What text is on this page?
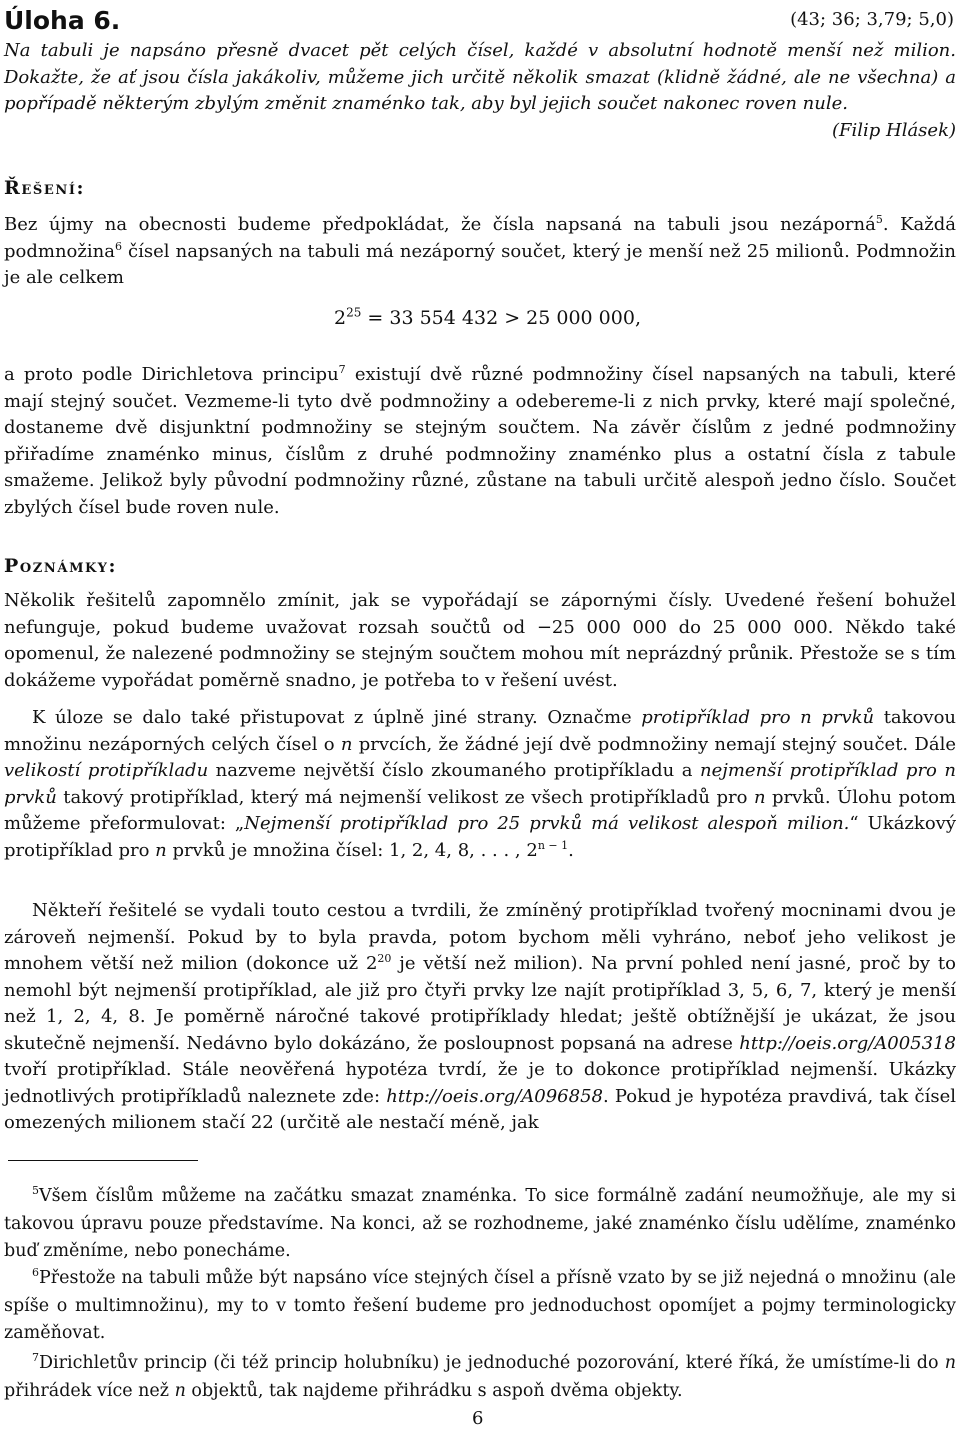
Úloha 6.	(43; 36; 3,79; 5,0)

Na tabuli je napsáno přesně dvacet pět celých čísel, každé v absolutní hodnotě menší než milion. Dokažte, že ať jsou čísla jakákoliv, můžeme jich určitě několik smazat (klidně žádné, ale ne všechna) a popřípadě některým zbylým změnit znaménko tak, aby byl jejich součet nakonec roven nule.
(Filip Hlásek)

Řešení:

Bez újmy na obecnosti budeme předpokládat, že čísla napsaná na tabuli jsou nezáporná$^5$. Každá podmnožina$^6$ čísel napsaných na tabuli má nezáporný součet, který je menší než 25 milionů. Podmnožin je ale celkem

$2^{25} = 33$ 554 432 > 25 000 000,

a proto podle Dirichletova principu$^7$ existují dvě různé podmnožiny čísel napsaných na tabuli, které mají stejný součet. Vezmeme-li tyto dvě podmnožiny a odebereme-li z nich prvky, které mají společné, dostaneme dvě disjunktní podmnožiny se stejným součtem. Na závěr číslům z jedné podmnožiny přiřadíme znaménko minus, číslům z druhé podmnožiny znaménko plus a ostatní čísla z tabule smažeme. Jelikož byly původní podmnožiny různé, zůstane na tabuli určitě alespoň jedno číslo. Součet zbylých čísel bude roven nule.

Poznámky:

Několik řešitelů zapomnělo zmínit, jak se vypořádají se zápornými čísly. Uvedené řešení bohužel nefunguje, pokud budeme uvažovat rozsah součtů od −25 000 000 do 25 000 000. Někdo také opomenul, že nalezené podmnožiny se stejným součtem mohou mít neprázdný průnik. Přestože se s tím dokážeme vypořádat poměrně snadno, je potřeba to v řešení uvést.

K úloze se dalo také přistupovat z úplně jiné strany. Označme protipříklad pro n prvků takovou množinu nezáporných celých čísel o n prvcích, že žádné její dvě podmnožiny nemají stejný součet. Dále velikostí protipříkladu nazveme největší číslo zkoumaného protipříkladu a nejmenší protipříklad pro n prvků takový protipříklad, který má nejmenší velikost ze všech protipříkladů pro n prvků. Úlohu potom můžeme přeformulovat: „Nejmenší protipříklad pro 25 prvků má velikost alespoň milion.“ Ukázkový protipříklad pro n prvků je množina čísel: 1, 2, 4, 8, . . . , $2^{n - 1}$.

Někteří řešitelé se vydali touto cestou a tvrdili, že zmíněný protipříklad tvořený mocninami dvou je zároveň nejmenší. Pokud by to byla pravda, potom bychom měli vyhráno, neboť jeho velikost je mnohem větší než milion (dokonce už $2^{20}$ je větší než milion). Na první pohled není jasné, proč by to nemohl být nejmenší protipříklad, ale již pro čtyři prvky lze najít protipříklad 3, 5, 6, 7, který je menší než 1, 2, 4, 8. Je poměrně náročné takové protipříklady hledat; ještě obtížnější je ukázat, že jsou skutečně nejmenší. Nedávno bylo dokázáno, že posloupnost popsaná na adrese http://oeis.org/A005318 tvoří protipříklad. Stále neověřená hypotéza tvrdí, že je to dokonce protipříklad nejmenší. Ukázky jednotlivých protipříkladů naleznete zde: http://oeis.org/A096858. Pokud je hypotéza pravdivá, tak čísel omezených milionem stačí 22 (určitě ale nestačí méně, jak

$^5$Všem číslům můžeme na začátku smazat znaménka. To sice formálně zadání neumožňuje, ale my si takovou úpravu pouze představíme. Na konci, až se rozhodneme, jaké znaménko číslu udělíme, znaménko buď změníme, nebo ponecháme.

$^6$Přestože na tabuli může být napsáno více stejných čísel a přísně vzato by se již nejedná o množinu (ale spíše o multimnožinu), my to v tomto řešení budeme pro jednoduchost opomíjet a pojmy terminologicky zaměňovat.

$^7$Dirichletův princip (či též princip holubníku) je jednoduché pozorování, které říká, že umístíme-li do n přihrádek více než n objektů, tak najdeme přihrádku s aspoň dvěma objekty.

6
